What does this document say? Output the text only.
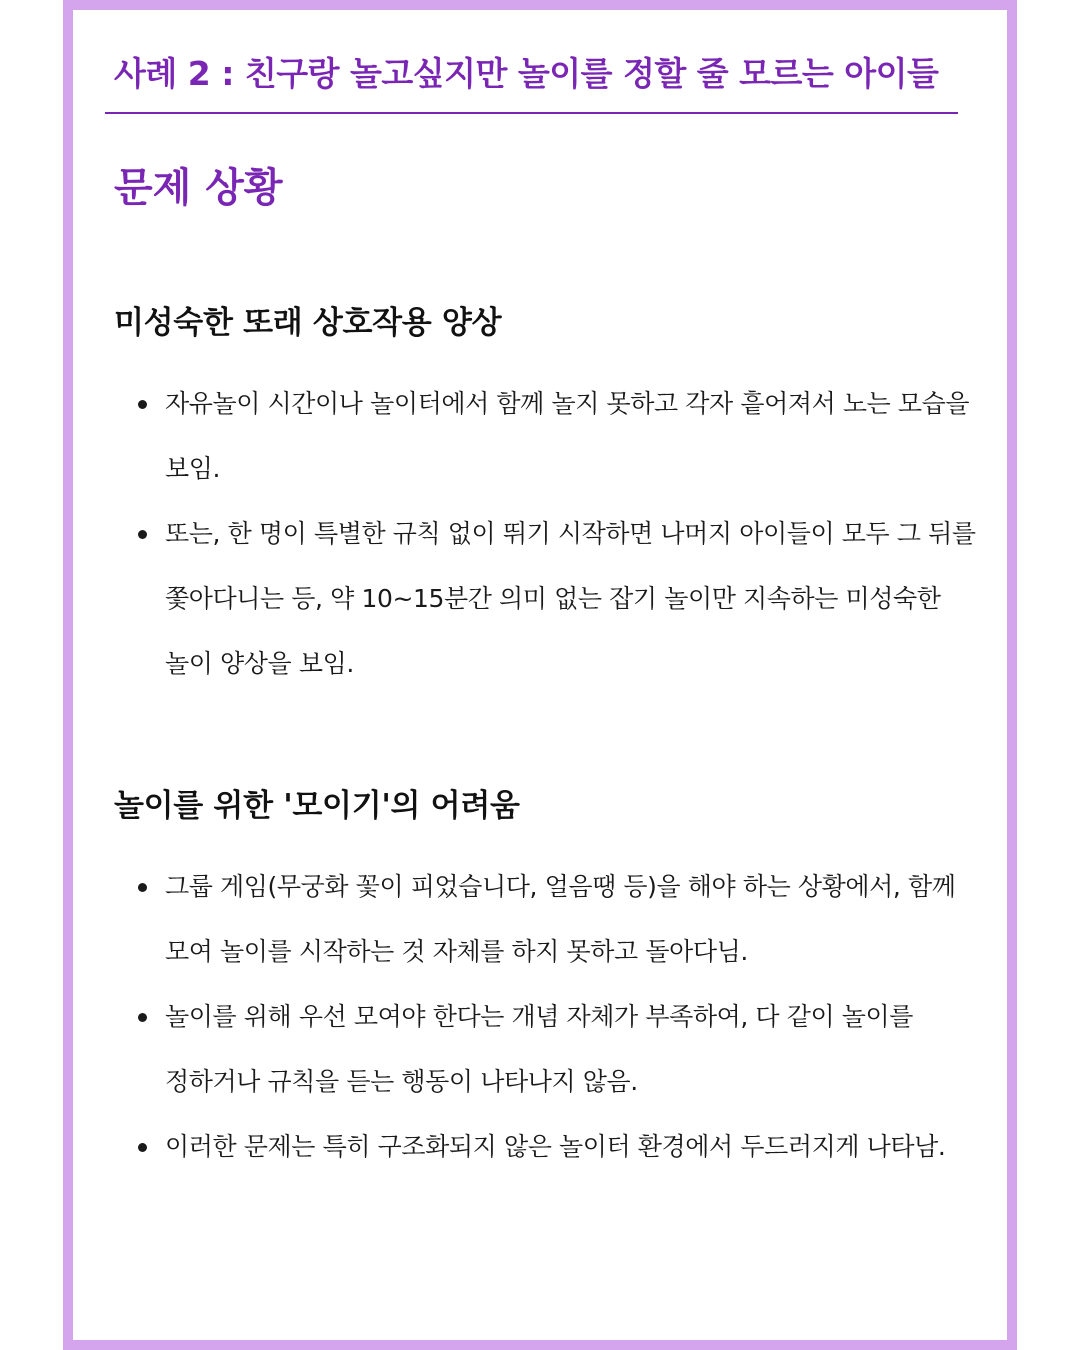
사례 2 : 친구랑 놀고싶지만 놀이를 정할 줄 모르는 아이들
문제 상황
미성숙한 또래 상호작용 양상
자유놀이 시간이나 놀이터에서 함께 놀지 못하고 각자 흩어져서 노는 모습을 보임.
또는, 한 명이 특별한 규칙 없이 뛰기 시작하면 나머지 아이들이 모두 그 뒤를 쫓아다니는 등, 약 10~15분간 의미 없는 잡기 놀이만 지속하는 미성숙한 놀이 양상을 보임.
놀이를 위한 '모이기'의 어려움
그룹 게임(무궁화 꽃이 피었습니다, 얼음땡 등)을 해야 하는 상황에서, 함께 모여 놀이를 시작하는 것 자체를 하지 못하고 돌아다님.
놀이를 위해 우선 모여야 한다는 개념 자체가 부족하여, 다 같이 놀이를 정하거나 규칙을 듣는 행동이 나타나지 않음.
이러한 문제는 특히 구조화되지 않은 놀이터 환경에서 두드러지게 나타남.
